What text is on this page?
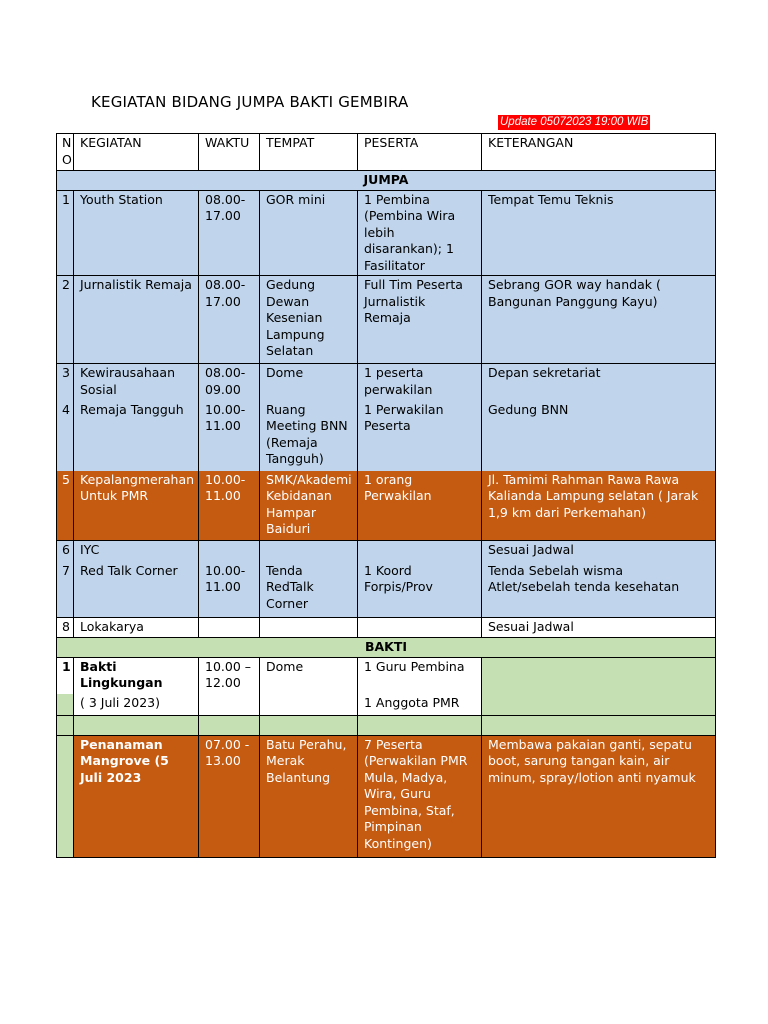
KEGIATAN BIDANG JUMPA BAKTI GEMBIRA
Update 05072023 19:00 WIB
N O	KEGIATAN	WAKTU	TEMPAT	PESERTA	KETERANGAN
JUMPA					
1	Youth Station	08.00- 17.00	GOR mini	1 Pembina (Pembina Wira lebih disarankan); 1 Fasilitator	Tempat Temu Teknis
2	Jurnalistik Remaja	08.00- 17.00	Gedung Dewan Kesenian Lampung Selatan	Full Tim Peserta Jurnalistik Remaja	Sebrang GOR way handak ( Bangunan Panggung Kayu)
3	Kewirausahaan Sosial	08.00- 09.00	Dome	1 peserta perwakilan	Depan sekretariat
4	Remaja Tangguh	10.00- 11.00	Ruang Meeting BNN (Remaja Tangguh)	1 Perwakilan Peserta	Gedung BNN
5	Kepalangmerahan Untuk PMR	10.00- 11.00	SMK/Akademi Kebidanan Hampar Baiduri	1 orang Perwakilan	Jl. Tamimi Rahman Rawa Rawa Kalianda Lampung selatan ( Jarak 1,9 km dari Perkemahan)
6	IYC				Sesuai Jadwal
7	Red Talk Corner	10.00- 11.00	Tenda RedTalk Corner	1 Koord Forpis/Prov	Tenda Sebelah wisma Atlet/sebelah tenda kesehatan
8	Lokakarya				Sesuai Jadwal
BAKTI					
1	Bakti Lingkungan	10.00 – 12.00	Dome	1 Guru Pembina	
	( 3 Juli 2023)			1 Anggota PMR	

	Penanaman Mangrove (5 Juli 2023	07.00 - 13.00	Batu Perahu, Merak Belantung	7 Peserta (Perwakilan PMR Mula, Madya, Wira, Guru Pembina, Staf, Pimpinan Kontingen)	Membawa pakaian ganti, sepatu boot, sarung tangan kain, air minum, spray/lotion anti nyamuk
